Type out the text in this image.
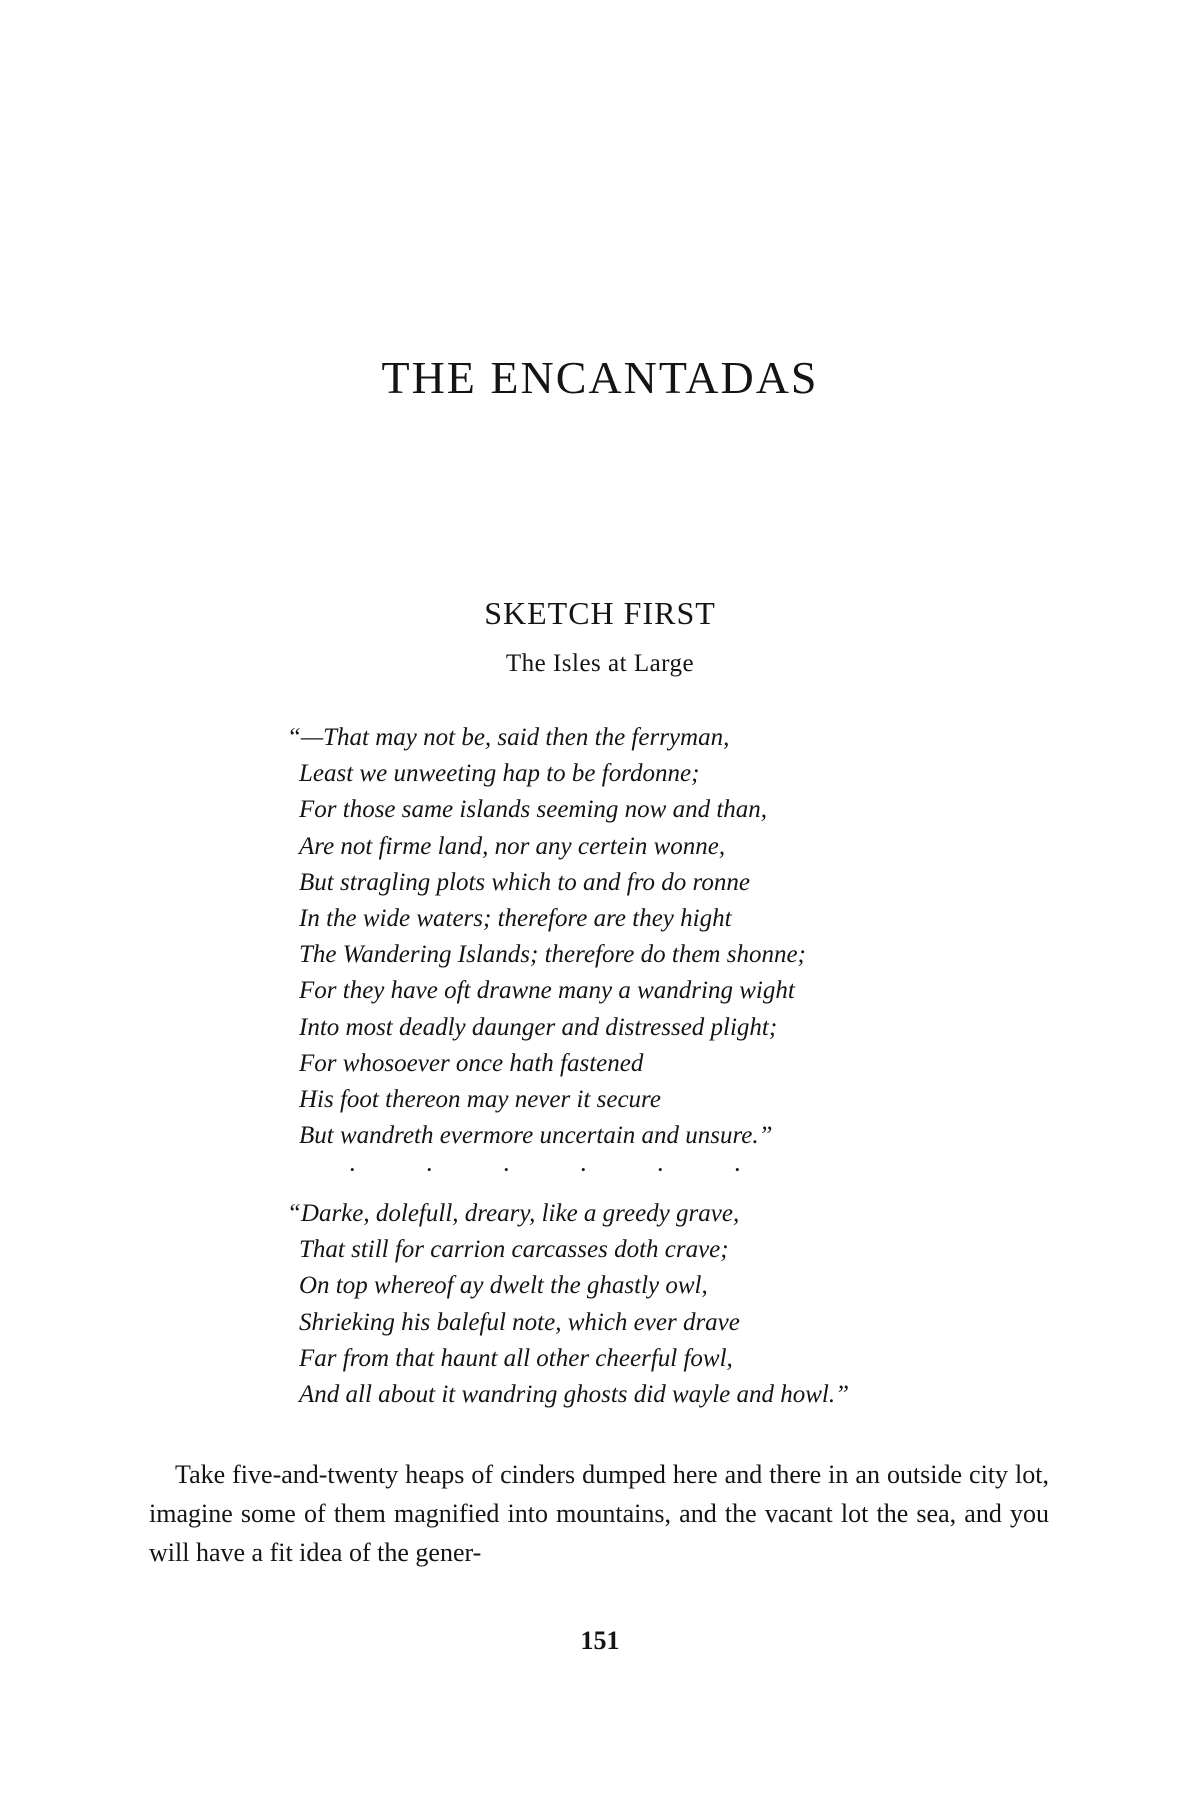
THE ENCANTADAS
SKETCH FIRST

The Isles at Large

“—That may not be, said then the ferryman,
Least we unweeting hap to be fordonne;
For those same islands seeming now and than,
Are not firme land, nor any certein wonne,
But stragling plots which to and fro do ronne
In the wide waters; therefore are they hight
The Wandering Islands; therefore do them shonne;
For they have oft drawne many a wandring wight
Into most deadly daunger and distressed plight;
For whosoever once hath fastened
His foot thereon may never it secure
But wandreth evermore uncertain and unsure.”
•	•	•	•	•	•
“Darke, dolefull, dreary, like a greedy grave,
That still for carrion carcasses doth crave;
On top whereof ay dwelt the ghastly owl,
Shrieking his baleful note, which ever drave
Far from that haunt all other cheerful fowl,
And all about it wandring ghosts did wayle and howl.”

Take five-and-twenty heaps of cinders dumped here and there in an outside city lot, imagine some of them magnified into mountains, and the vacant lot the sea, and you will have a fit idea of the gener-

151
